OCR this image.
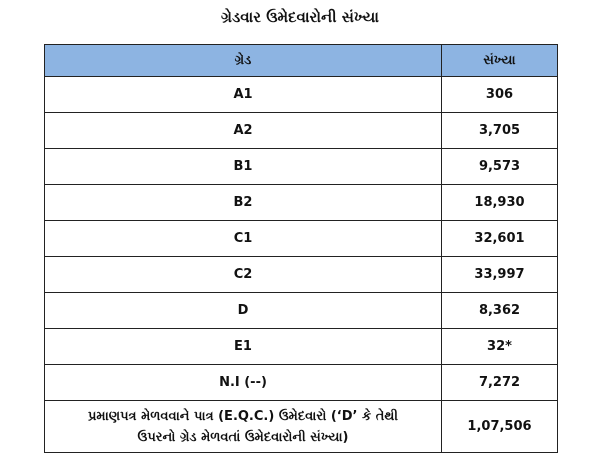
ગ્રેડવાર ઉમેદવારોની સંખ્યા
ગ્રેડ	સંખ્યા
A1	306
A2	3,705
B1	9,573
B2	18,930
C1	32,601
C2	33,997
D	8,362
E1	32*
N.I (--)	7,272
પ્રમાણપત્ર મેળવવાને પાત્ર (E.Q.C.) ઉમેદવારો (‘D’ કે તેથી
ઉપરનો ગ્રેડ મેળવતાં ઉમેદવારોની સંખ્યા)	1,07,506
